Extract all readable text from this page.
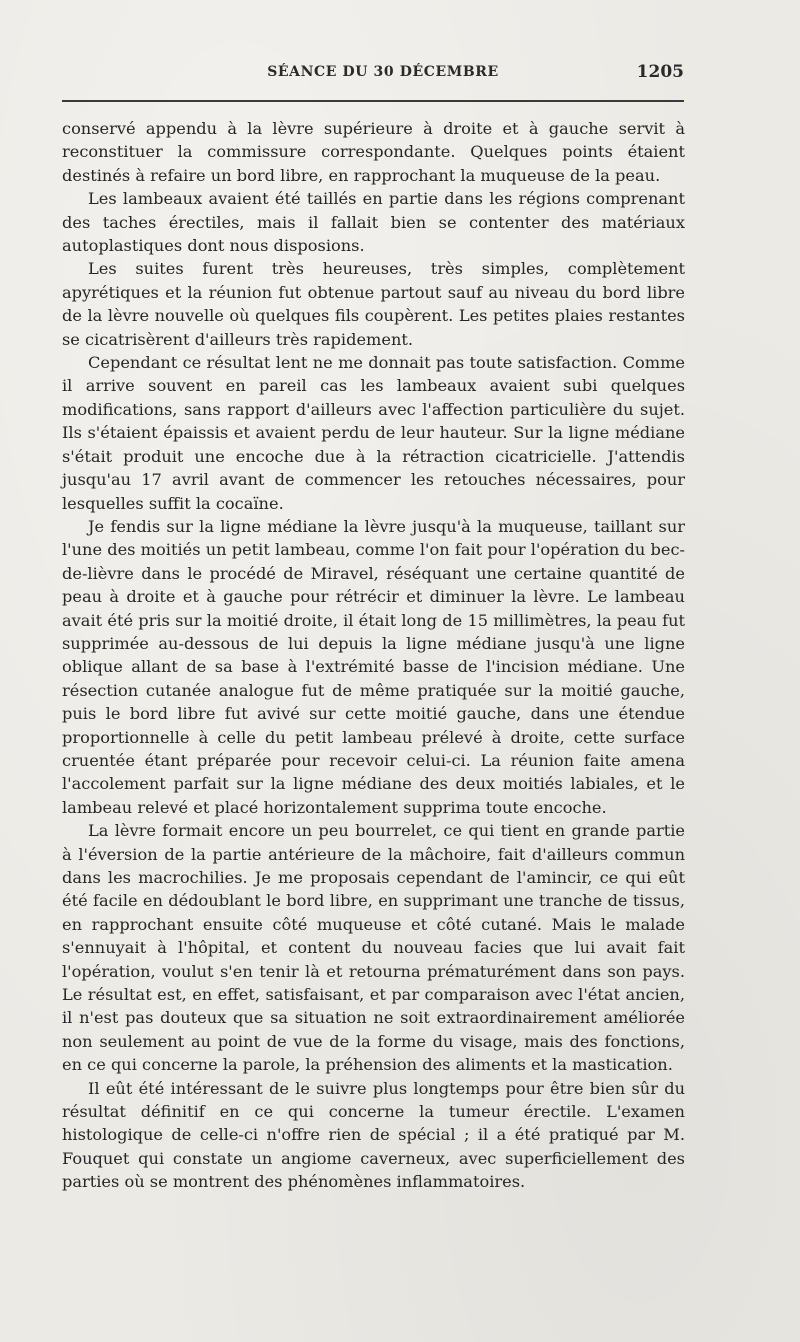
SÉANCE DU 30 DÉCEMBRE	1205

conservé appendu à la lèvre supérieure à droite et à gauche servit à reconstituer la commissure correspondante. Quelques points étaient destinés à refaire un bord libre, en rapprochant la muqueuse de la peau.

Les lambeaux avaient été taillés en partie dans les régions comprenant des taches érectiles, mais il fallait bien se contenter des matériaux autoplastiques dont nous disposions.

Les suites furent très heureuses, très simples, complètement apyrétiques et la réunion fut obtenue partout sauf au niveau du bord libre de la lèvre nouvelle où quelques fils coupèrent. Les petites plaies restantes se cicatrisèrent d'ailleurs très rapidement.

Cependant ce résultat lent ne me donnait pas toute satisfaction. Comme il arrive souvent en pareil cas les lambeaux avaient subi quelques modifications, sans rapport d'ailleurs avec l'affection particulière du sujet. Ils s'étaient épaissis et avaient perdu de leur hauteur. Sur la ligne médiane s'était produit une encoche due à la rétraction cicatricielle. J'attendis jusqu'au 17 avril avant de commencer les retouches nécessaires, pour lesquelles suffit la cocaïne.

Je fendis sur la ligne médiane la lèvre jusqu'à la muqueuse, taillant sur l'une des moitiés un petit lambeau, comme l'on fait pour l'opération du bec-de-lièvre dans le procédé de Miravel, réséquant une certaine quantité de peau à droite et à gauche pour rétrécir et diminuer la lèvre. Le lambeau avait été pris sur la moitié droite, il était long de 15 millimètres, la peau fut supprimée au-dessous de lui depuis la ligne médiane jusqu'à une ligne oblique allant de sa base à l'extrémité basse de l'incision médiane. Une résection cutanée analogue fut de même pratiquée sur la moitié gauche, puis le bord libre fut avivé sur cette moitié gauche, dans une étendue proportionnelle à celle du petit lambeau prélevé à droite, cette surface cruentée étant préparée pour recevoir celui-ci. La réunion faite amena l'accolement parfait sur la ligne médiane des deux moitiés labiales, et le lambeau relevé et placé horizontalement supprima toute encoche.

La lèvre formait encore un peu bourrelet, ce qui tient en grande partie à l'éversion de la partie antérieure de la mâchoire, fait d'ailleurs commun dans les macrochilies. Je me proposais cependant de l'amincir, ce qui eût été facile en dédoublant le bord libre, en supprimant une tranche de tissus, en rapprochant ensuite côté muqueuse et côté cutané. Mais le malade s'ennuyait à l'hôpital, et content du nouveau facies que lui avait fait l'opération, voulut s'en tenir là et retourna prématurément dans son pays. Le résultat est, en effet, satisfaisant, et par comparaison avec l'état ancien, il n'est pas douteux que sa situation ne soit extraordinairement améliorée non seulement au point de vue de la forme du visage, mais des fonctions, en ce qui concerne la parole, la préhension des aliments et la mastication.

Il eût été intéressant de le suivre plus longtemps pour être bien sûr du résultat définitif en ce qui concerne la tumeur érectile. L'examen histologique de celle-ci n'offre rien de spécial ; il a été pratiqué par M. Fouquet qui constate un angiome caverneux, avec superficiellement des parties où se montrent des phénomènes inflammatoires.
